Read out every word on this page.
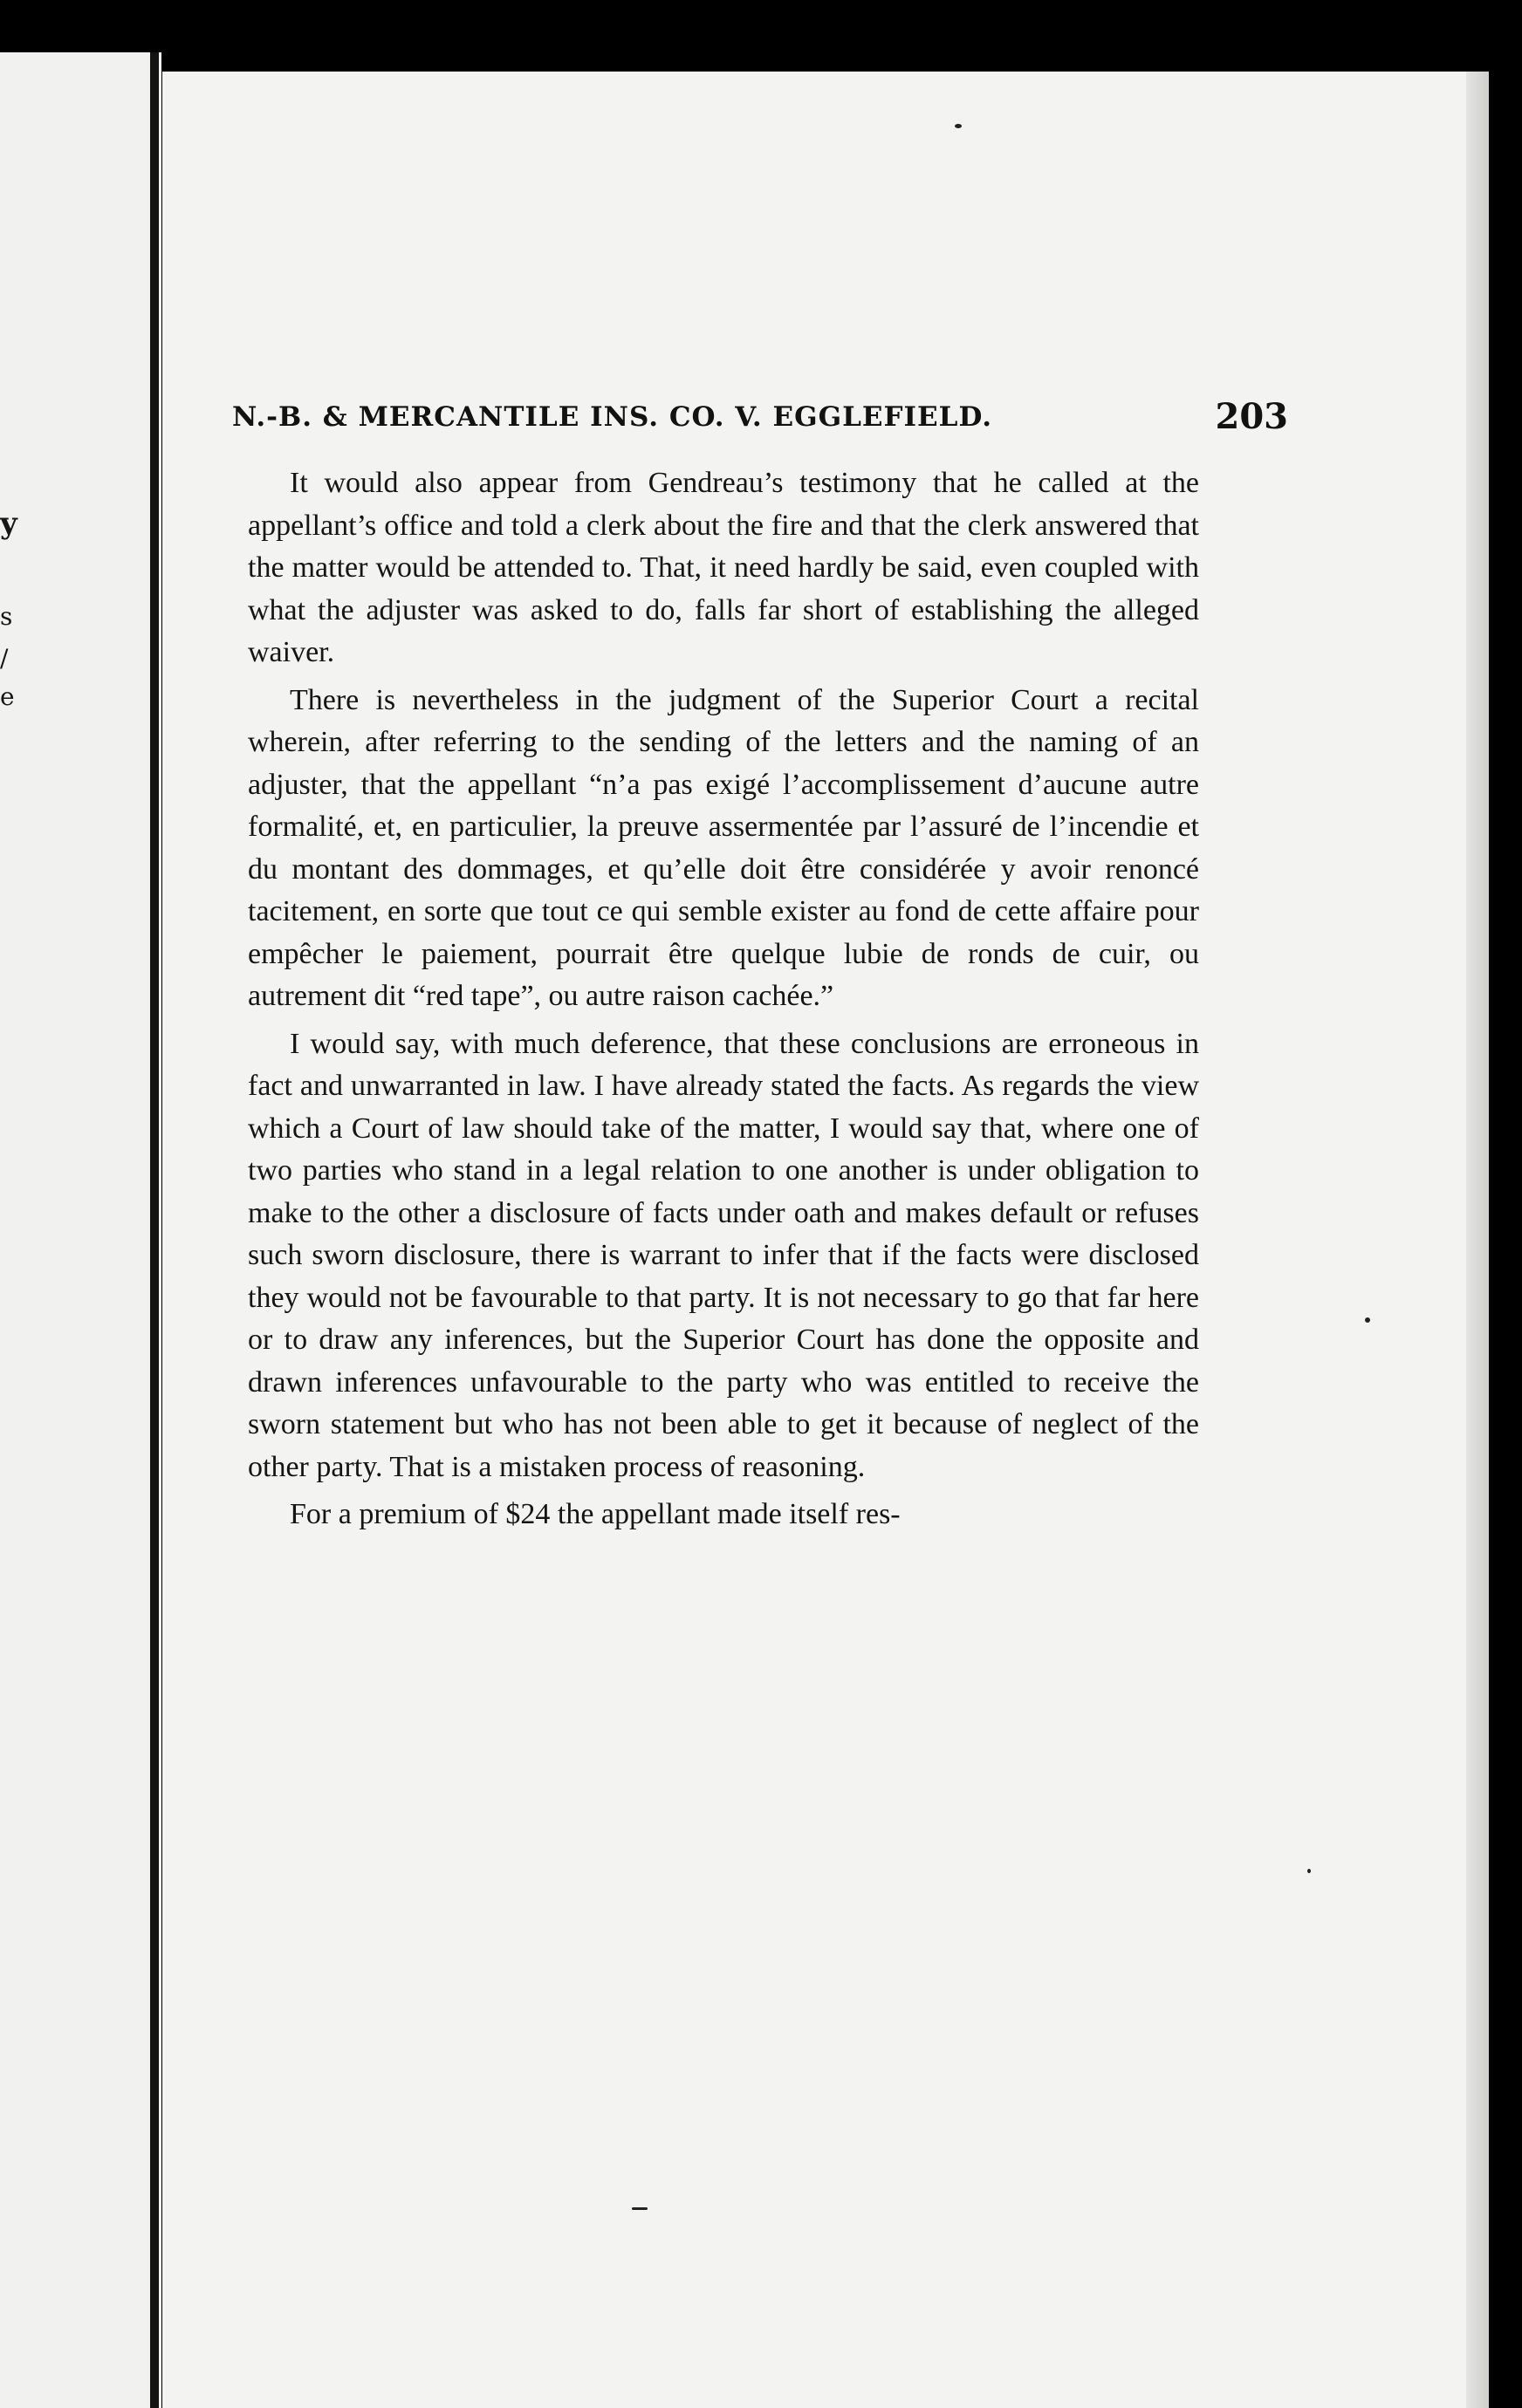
y
s
/
e
N.-B. & MERCANTILE INS. CO. V. EGGLEFIELD.	203

It would also appear from Gendreau’s testimony that he called at the appellant’s office and told a clerk about the fire and that the clerk answered that the matter would be attended to. That, it need hardly be said, even coupled with what the adjuster was asked to do, falls far short of establishing the alleged waiver.

There is nevertheless in the judgment of the Superior Court a recital wherein, after referring to the sending of the letters and the naming of an adjuster, that the appellant “n’a pas exigé l’accomplissement d’aucune autre formalité, et, en particulier, la preuve assermentée par l’assuré de l’incendie et du montant des dommages, et qu’elle doit être considérée y avoir renoncé tacitement, en sorte que tout ce qui semble exister au fond de cette affaire pour empêcher le paiement, pourrait être quelque lubie de ronds de cuir, ou autrement dit “red tape”, ou autre raison cachée.”

I would say, with much deference, that these conclusions are erroneous in fact and unwarranted in law. I have already stated the facts. As regards the view which a Court of law should take of the matter, I would say that, where one of two parties who stand in a legal relation to one another is under obligation to make to the other a disclosure of facts under oath and makes default or refuses such sworn disclosure, there is warrant to infer that if the facts were disclosed they would not be favourable to that party. It is not necessary to go that far here or to draw any inferences, but the Superior Court has done the opposite and drawn inferences unfavourable to the party who was entitled to receive the sworn statement but who has not been able to get it because of neglect of the other party. That is a mistaken process of reasoning.

For a premium of $24 the appellant made itself res-
